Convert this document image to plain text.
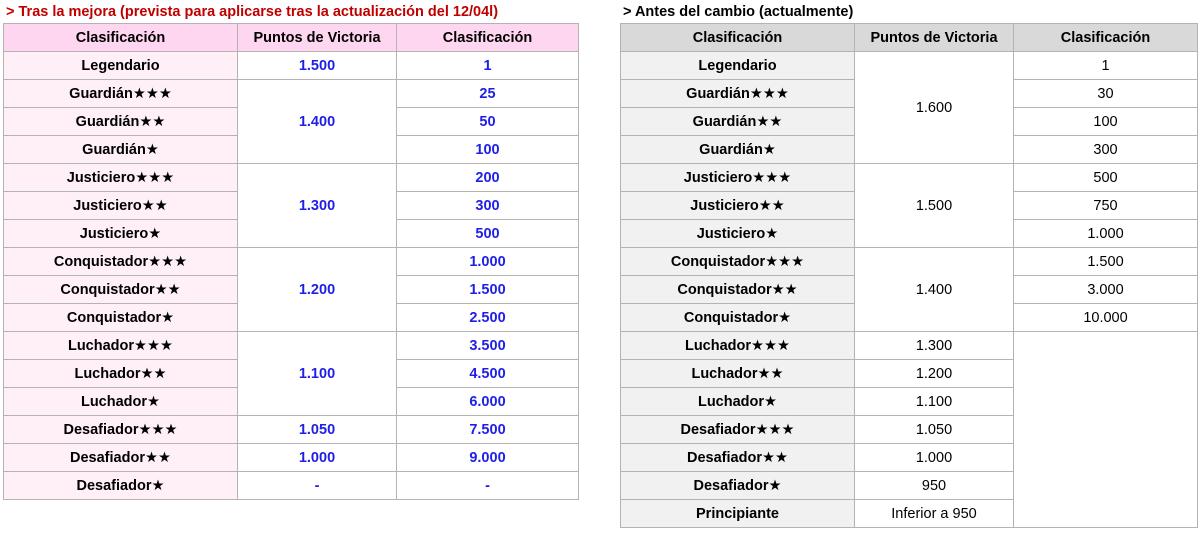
> Tras la mejora (prevista para aplicarse tras la actualización del 12/04l)	> Antes del cambio (actualmente)
Clasificación	Puntos de Victoria	Clasificación
Legendario	1.500	1
Guardián★★★	1.400	25
Guardián★★		50
Guardián★		100
Justiciero★★★	1.300	200
Justiciero★★		300
Justiciero★		500
Conquistador★★★	1.200	1.000
Conquistador★★		1.500
Conquistador★		2.500
Luchador★★★	1.100	3.500
Luchador★★		4.500
Luchador★		6.000
Desafiador★★★	1.050	7.500
Desafiador★★	1.000	9.000
Desafiador★	-	-
Clasificación	Puntos de Victoria	Clasificación
Legendario	1.600	1
Guardián★★★		30
Guardián★★		100
Guardián★		300
Justiciero★★★	1.500	500
Justiciero★★		750
Justiciero★		1.000
Conquistador★★★	1.400	1.500
Conquistador★★		3.000
Conquistador★		10.000
Luchador★★★	1.300	
Luchador★★	1.200	
Luchador★	1.100	
Desafiador★★★	1.050	
Desafiador★★	1.000	
Desafiador★	950	
Principiante	Inferior a 950	
